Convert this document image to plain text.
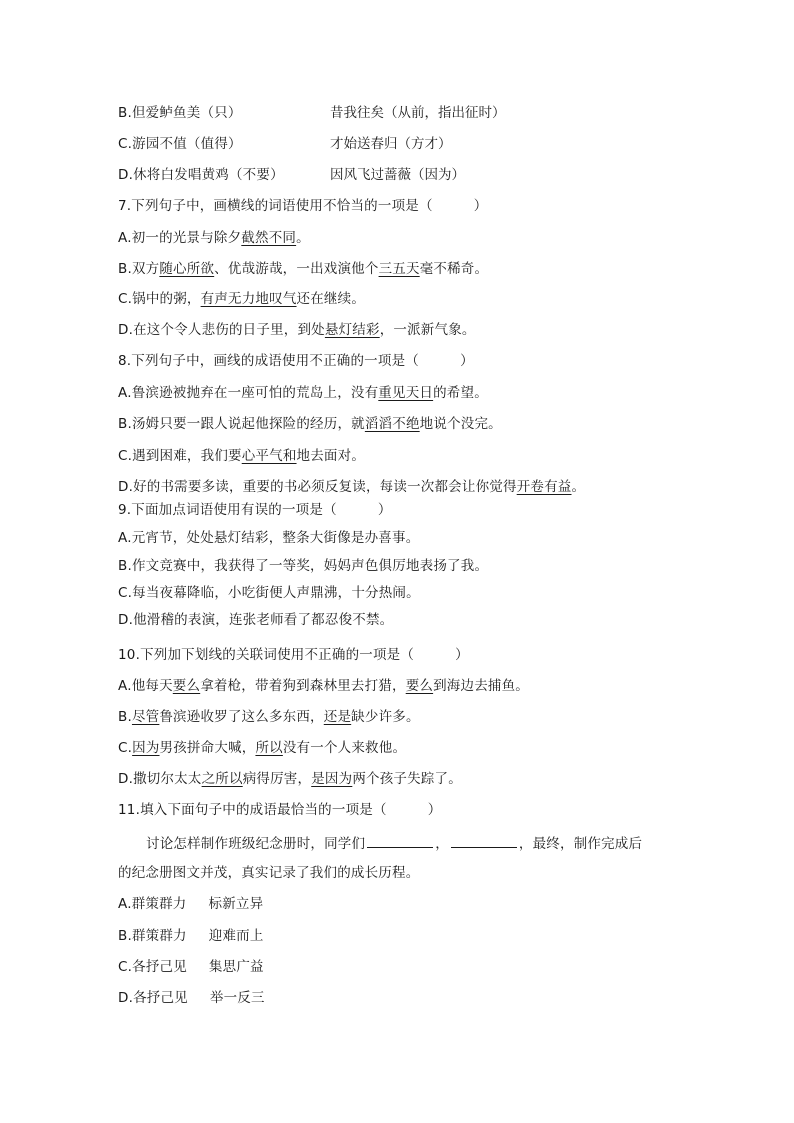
B.但爱鲈鱼美（只）	昔我往矣（从前，指出征时）
C.游园不值（值得）	才始送春归（方才）
D.休将白发唱黄鸡（不要）	因风飞过蔷薇（因为）
7.下列句子中，画横线的词语使用不恰当的一项是（　　　）
A.初一的光景与除夕截然不同。
B.双方随心所欲、优哉游哉，一出戏演他个三五天毫不稀奇。
C.锅中的粥，有声无力地叹气还在继续。
D.在这个令人悲伤的日子里，到处悬灯结彩，一派新气象。
8.下列句子中，画线的成语使用不正确的一项是（　　　）
A.鲁滨逊被抛弃在一座可怕的荒岛上，没有重见天日的希望。
B.汤姆只要一跟人说起他探险的经历，就滔滔不绝地说个没完。
C.遇到困难，我们要心平气和地去面对。
D.好的书需要多读，重要的书必须反复读，每读一次都会让你觉得开卷有益。
9.下面加点词语使用有误的一项是（　　　）
A.元宵节，处处悬灯结彩，整条大街像是办喜事。
B.作文竞赛中，我获得了一等奖，妈妈声色俱厉地表扬了我。
C.每当夜幕降临，小吃街便人声鼎沸，十分热闹。
D.他滑稽的表演，连张老师看了都忍俊不禁。
10.下列加下划线的关联词使用不正确的一项是（　　　）
A.他每天要么拿着枪，带着狗到森林里去打猎，要么到海边去捕鱼。
B.尽管鲁滨逊收罗了这么多东西，还是缺少许多。
C.因为男孩拼命大喊，所以没有一个人来救他。
D.撒切尔太太之所以病得厉害，是因为两个孩子失踪了。
11.填入下面句子中的成语最恰当的一项是（　　　）
讨论怎样制作班级纪念册时，同学们	，	，最终，制作完成后
的纪念册图文并茂，真实记录了我们的成长历程。
A.群策群力 标新立异
B.群策群力 迎难而上
C.各抒己见 集思广益
D.各抒己见 举一反三
